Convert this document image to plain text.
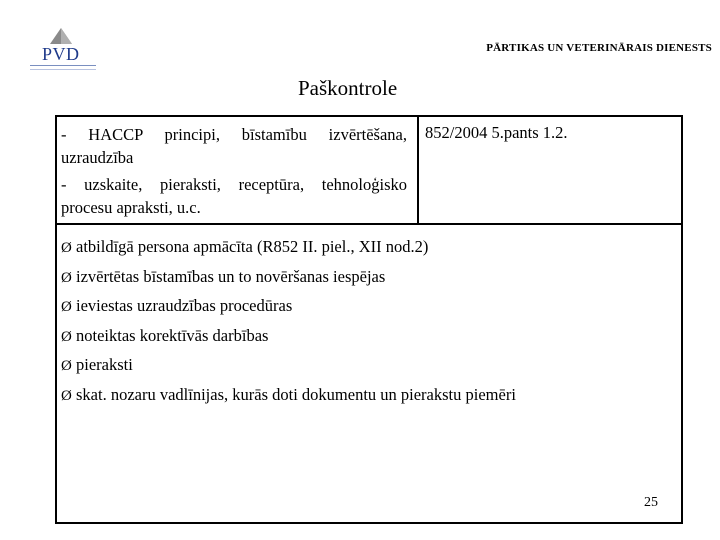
PVD	PĀRTIKAS UN VETERINĀRAIS DIENESTS
Paškontrole

- HACCP principi, bīstamību izvērtēšana, uzraudzība

- uzskaite, pieraksti, receptūra, tehnoloģisko procesu apraksti, u.c.

852/2004 5.pants 1.2.
Ø atbildīgā persona apmācīta (R852 II. piel., XII nod.2)
Ø izvērtētas bīstamības un to novēršanas iespējas
Ø ieviestas uzraudzības procedūras
Ø noteiktas korektīvās darbības
Ø pieraksti
Ø skat. nozaru vadlīnijas, kurās doti dokumentu un pierakstu piemēri
25
